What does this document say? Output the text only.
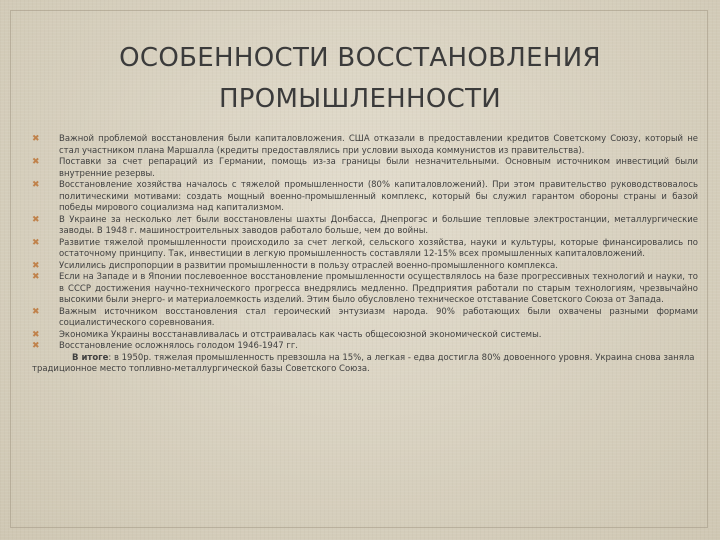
ОСОБЕННОСТИ ВОССТАНОВЛЕНИЯ
ПРОМЫШЛЕННОСТИ
✖ Важной проблемой восстановления были капиталовложения. США отказали в предоставлении кредитов Советскому Союзу, который не стал участником плана Маршалла (кредиты предоставлялись при условии выхода коммунистов из правительства).
✖ Поставки за счет репараций из Германии, помощь из-за границы были незначительными. Основным источником инвестиций были внутренние резервы.
✖ Восстановление хозяйства началось с тяжелой промышленности (80% капиталовложений). При этом правительство руководствовалось политическими мотивами: создать мощный военно-промышленный комплекс, который бы служил гарантом обороны страны и базой победы мирового социализма над капитализмом.
✖ В Украине за несколько лет были восстановлены шахты Донбасса, Днепрогэс и большие тепловые электростанции, металлургические заводы. В 1948 г. машиностроительных заводов работало больше, чем до войны.
✖ Развитие тяжелой промышленности происходило за счет легкой, сельского хозяйства, науки и культуры, которые финансировались по остаточному принципу. Так, инвестиции в легкую промышленность составляли 12-15% всех промышленных капиталовложений.
✖ Усилились диспропорции в развитии промышленности в пользу отраслей военно-промышленного комплекса.
✖ Если на Западе и в Японии послевоенное восстановление промышленности осуществлялось на базе прогрессивных технологий и науки, то в СССР достижения научно-технического прогресса внедрялись медленно. Предприятия работали по старым технологиям, чрезвычайно высокими были энерго- и материалоемкость изделий. Этим было обусловлено техническое отставание Советского Союза от Запада.
✖ Важным источником восстановления стал героический энтузиазм народа. 90% работающих были охвачены разными формами социалистического соревнования.
✖ Экономика Украины восстанавливалась и отстраивалась как часть общесоюзной экономической системы.
✖ Восстановление осложнялось голодом 1946-1947 гг.

В итоге: в 1950р. тяжелая промышленность превзошла на 15%, а легкая - едва достигла 80% довоенного уровня. Украина снова заняла традиционное место топливно-металлургической базы Советского Союза.
